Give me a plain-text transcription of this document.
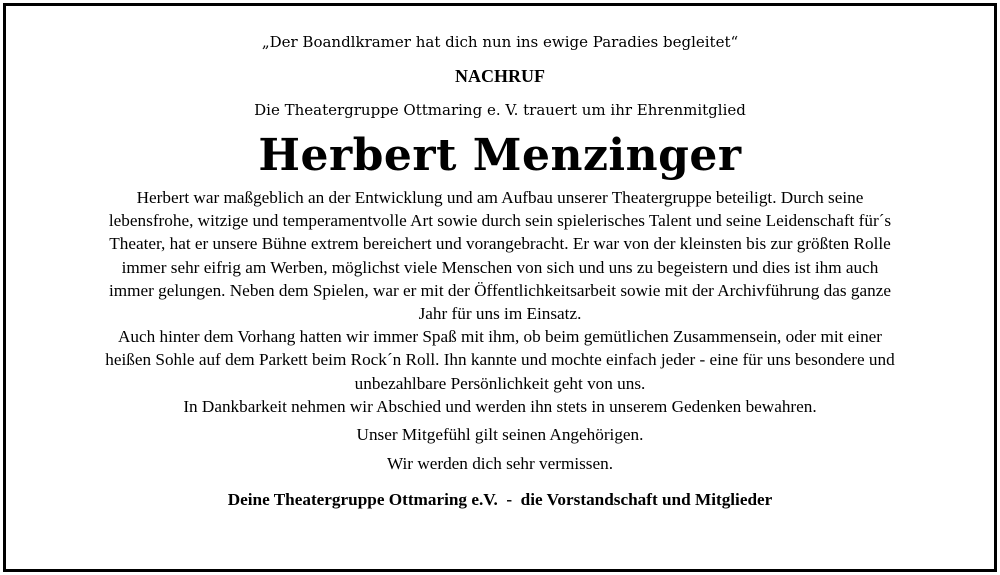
„Der Boandlkramer hat dich nun ins ewige Paradies begleitet“

NACHRUF

Die Theatergruppe Ottmaring e. V. trauert um ihr Ehrenmitglied

Herbert Menzinger

Herbert war maßgeblich an der Entwicklung und am Aufbau unserer Theatergruppe beteiligt. Durch seine
lebensfrohe, witzige und temperamentvolle Art sowie durch sein spielerisches Talent und seine Leidenschaft für´s
Theater, hat er unsere Bühne extrem bereichert und vorangebracht. Er war von der kleinsten bis zur größten Rolle
immer sehr eifrig am Werben, möglichst viele Menschen von sich und uns zu begeistern und dies ist ihm auch
immer gelungen. Neben dem Spielen, war er mit der Öffentlichkeitsarbeit sowie mit der Archivführung das ganze
Jahr für uns im Einsatz.

Auch hinter dem Vorhang hatten wir immer Spaß mit ihm, ob beim gemütlichen Zusammensein, oder mit einer
heißen Sohle auf dem Parkett beim Rock´n Roll. Ihn kannte und mochte einfach jeder - eine für uns besondere und
unbezahlbare Persönlichkeit geht von uns.

In Dankbarkeit nehmen wir Abschied und werden ihn stets in unserem Gedenken bewahren.

Unser Mitgefühl gilt seinen Angehörigen.

Wir werden dich sehr vermissen.

Deine Theatergruppe Ottmaring e.V.  -  die Vorstandschaft und Mitglieder
